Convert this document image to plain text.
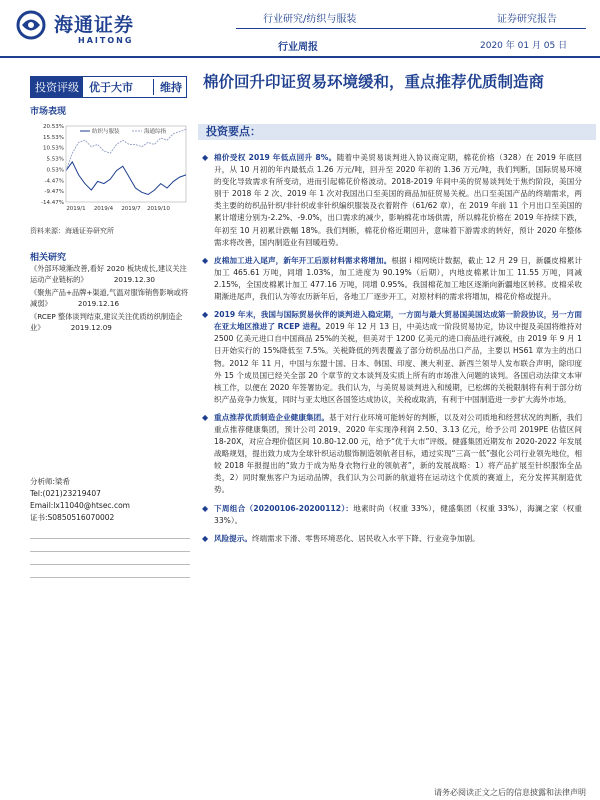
海通证券
HAITONG
行业研究/纺织与服装
行业周报
证券研究报告
2020 年 01 月 05 日
投资评级 优于大市	维持
市场表现
20.53%
15.53%
10.53%
5.53%
0.53%
-4.47%
-9.47%
-14.47%
2019/1 2019/4 2019/7 2019/10
纺织与服装	海通综指
资料来源：海通证券研究所
相关研究
《外部环境渐改善,看好 2020 板块成长,建议关注运动产业链标的》	2019.12.30
《聚焦产品+品牌+渠道,气温对服饰销售影响或将减弱》	2019.12.16
《RCEP 整体谈判结束,建议关注优质纺织制造企业》	2019.12.09
分析师:梁希
Tel:(021)23219407
Email:lx11040@htsec.com
证书:S0850516070002
棉价回升印证贸易环境缓和，重点推荐优质制造商
投资要点：
◆ 棉价受权 2019 年低点回升 8%。随着中美贸易谈判进入协议商定期，棉花价格（328）在 2019 年底回升，从 10 月初的年内最低点 1.26 万元/吨，回升至 2020 年初的 1.36 万元/吨，我们判断，国际贸易环境的变化导致需求有所变动，进而引起棉花价格波动。2018-2019 年间中美的贸易谈判处于焦灼阶段，美国分别于 2018 年 2 次、2019 年 1 次对我国出口至美国的商品加征贸易关税。出口至美国产品的终端需求，两类主要的纺织品针织/非针织或非针织编织服装及衣着附件（61/62 章），在 2019 年前 11 个月出口至美国的累计增速分别为-2.2%、-9.0%，出口需求的减少，影响棉花市场供需，所以棉花价格在 2019 年持续下跌，年初至 10 月初累计跌幅 18%。我们判断，棉花价格近期回升，意味着下游需求的转好，预计 2020 年整体需求将改善，国内制造业有回暖趋势。
◆ 皮棉加工进入尾声，新年开工后原材料需求将增加。根据 i 棉网统计数据，截止 12 月 29 日，新疆皮棉累计加工 465.61 万吨，同增 1.03%，加工进度为 90.19%（后期），内地皮棉累计加工 11.55 万吨，同减 2.15%，全国皮棉累计加工 477.16 万吨，同增 0.95%。我国棉花加工地区逐渐向新疆地区转移。皮棉采收期渐进尾声，我们认为等农历新年后，各地工厂逐步开工，对原材料的需求将增加，棉花价格或提升。
◆ 2019 年末，我国与国际贸易伙伴的谈判进入稳定期，一方面与最大贸易国美国达成第一阶段协议，另一方面在亚太地区推进了 RCEP 进程。2019 年 12 月 13 日，中美达成一阶段贸易协定，协议中提及美国将维持对 2500 亿美元进口自中国商品 25%的关税，但美对于 1200 亿美元的进口商品进行减税，由 2019 年 9 月 1 日开始实行的 15%降低至 7.5%。关税降低的列表覆盖了部分纺织品出口产品，主要以 HS61 章为主的出口物。2012 年 11 月，中国与东盟十国、日本、韩国、印度、澳大利亚、新西兰领导人发布联合声明，除印度外 15 个成员国已经关全部 20 个章节的文本谈判及实质上所有的市场准入问题的谈判。各国启动法律文本审核工作，以便在 2020 年签署协定。我们认为，与美贸易谈判进入和缓期，已松绑的关税限制将有利于部分纺织产品竞争力恢复，同时与亚太地区各国签达成协议，关税或取消，有利于中国制造进一步扩大海外市场。
◆ 重点推荐优质制造企业健康集团。基于对行业环境可能转好的判断，以及对公司质地和经营状况的判断，我们重点推荐健康集团，预计公司 2019、2020 年实现净利润 2.50、3.13 亿元，给予公司 2019PE 估值区间 18-20X，对应合理价值区间 10.80-12.00 元，给予“优于大市”评级。健盛集团近期发布 2020-2022 年发展战略规划，提出致力成为全球针织运动服饰制造领航者目标，通过实现“三高一低”强化公司行业领先地位，相较 2018 年报提出的“致力于成为贴身衣物行业的领航者”，新的发展战略：1）将产品扩展至针织服饰全品类，2）同时聚焦客户为运动品牌，我们认为公司新的航道将在运动这个优质的赛道上，充分发挥其制造优势。
◆ 下周组合（20200106-20200112）：地素时尚（权重 33%），健盛集团（权重 33%），海澜之家（权重 33%）。
◆ 风险提示。终端需求下滑、零售环境恶化、居民收入水平下降、行业竞争加剧。
请务必阅读正文之后的信息披露和法律声明
